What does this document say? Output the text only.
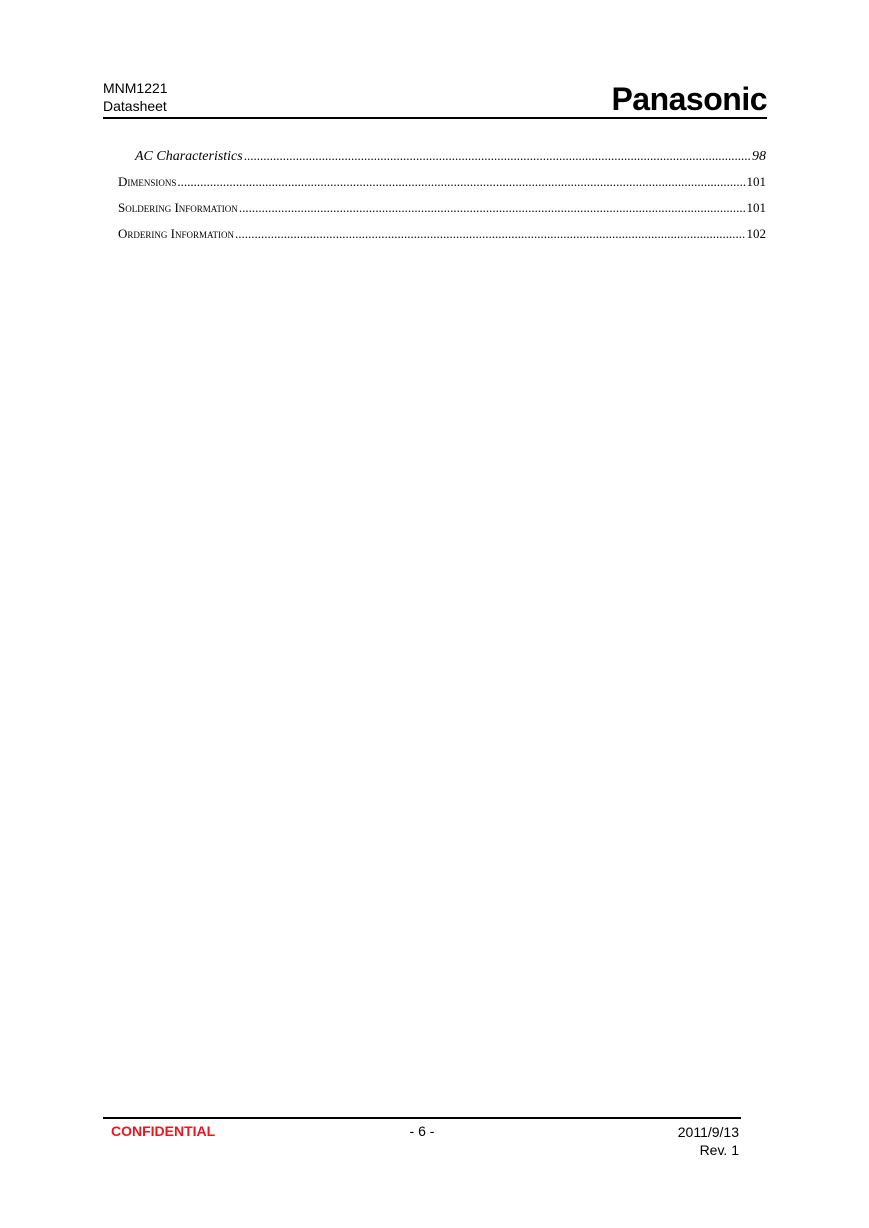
MNM1221
Datasheet	Panasonic
AC Characteristics .....	98
Dimensions .....	101
Soldering Information .....	101
Ordering Information .....	102
CONFIDENTIAL	- 6 -	2011/9/13
Rev. 1
